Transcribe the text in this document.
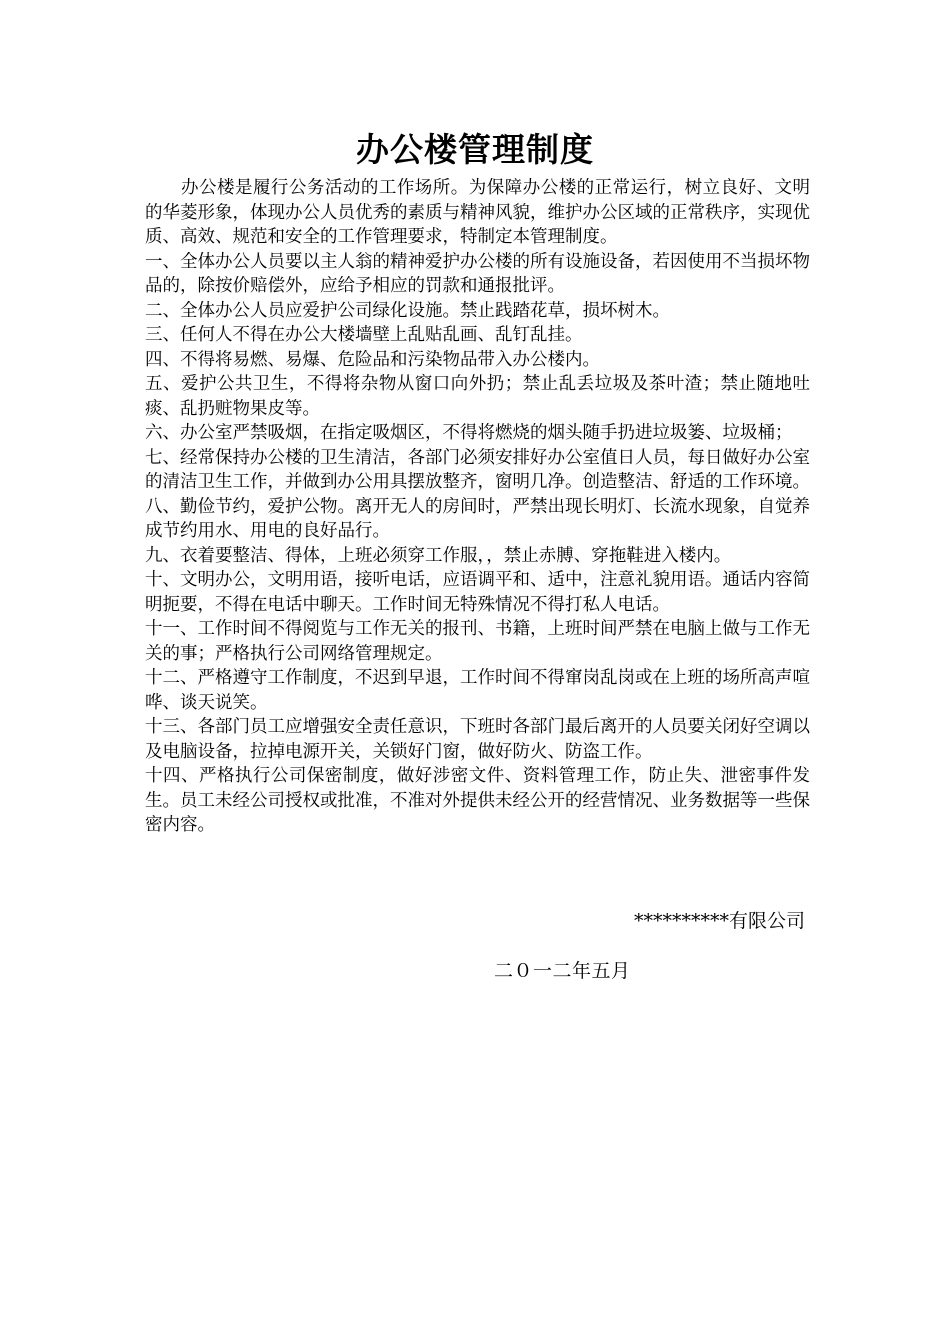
办公楼管理制度

办公楼是履行公务活动的工作场所。为保障办公楼的正常运行，树立良好、文明的华菱形象，体现办公人员优秀的素质与精神风貌，维护办公区域的正常秩序，实现优质、高效、规范和安全的工作管理要求，特制定本管理制度。

一、全体办公人员要以主人翁的精神爱护办公楼的所有设施设备，若因使用不当损坏物品的，除按价赔偿外，应给予相应的罚款和通报批评。

二、全体办公人员应爱护公司绿化设施。禁止践踏花草，损坏树木。

三、任何人不得在办公大楼墙壁上乱贴乱画、乱钉乱挂。

四、不得将易燃、易爆、危险品和污染物品带入办公楼内。

五、爱护公共卫生，不得将杂物从窗口向外扔；禁止乱丢垃圾及茶叶渣；禁止随地吐痰、乱扔赃物果皮等。

六、办公室严禁吸烟，在指定吸烟区，不得将燃烧的烟头随手扔进垃圾篓、垃圾桶；

七、经常保持办公楼的卫生清洁，各部门必须安排好办公室值日人员，每日做好办公室的清洁卫生工作，并做到办公用具摆放整齐，窗明几净。创造整洁、舒适的工作环境。

八、勤俭节约，爱护公物。离开无人的房间时，严禁出现长明灯、长流水现象，自觉养成节约用水、用电的良好品行。

九、衣着要整洁、得体，上班必须穿工作服，，禁止赤膊、穿拖鞋进入楼内。

十、文明办公，文明用语，接听电话，应语调平和、适中，注意礼貌用语。通话内容简明扼要，不得在电话中聊天。工作时间无特殊情况不得打私人电话。

十一、工作时间不得阅览与工作无关的报刊、书籍，上班时间严禁在电脑上做与工作无关的事；严格执行公司网络管理规定。

十二、严格遵守工作制度，不迟到早退，工作时间不得窜岗乱岗或在上班的场所高声喧哗、谈天说笑。

十三、各部门员工应增强安全责任意识，下班时各部门最后离开的人员要关闭好空调以及电脑设备，拉掉电源开关，关锁好门窗，做好防火、防盗工作。

十四、严格执行公司保密制度，做好涉密文件、资料管理工作，防止失、泄密事件发生。员工未经公司授权或批准，不准对外提供未经公开的经营情况、业务数据等一些保密内容。

**********有限公司
二０一二年五月
